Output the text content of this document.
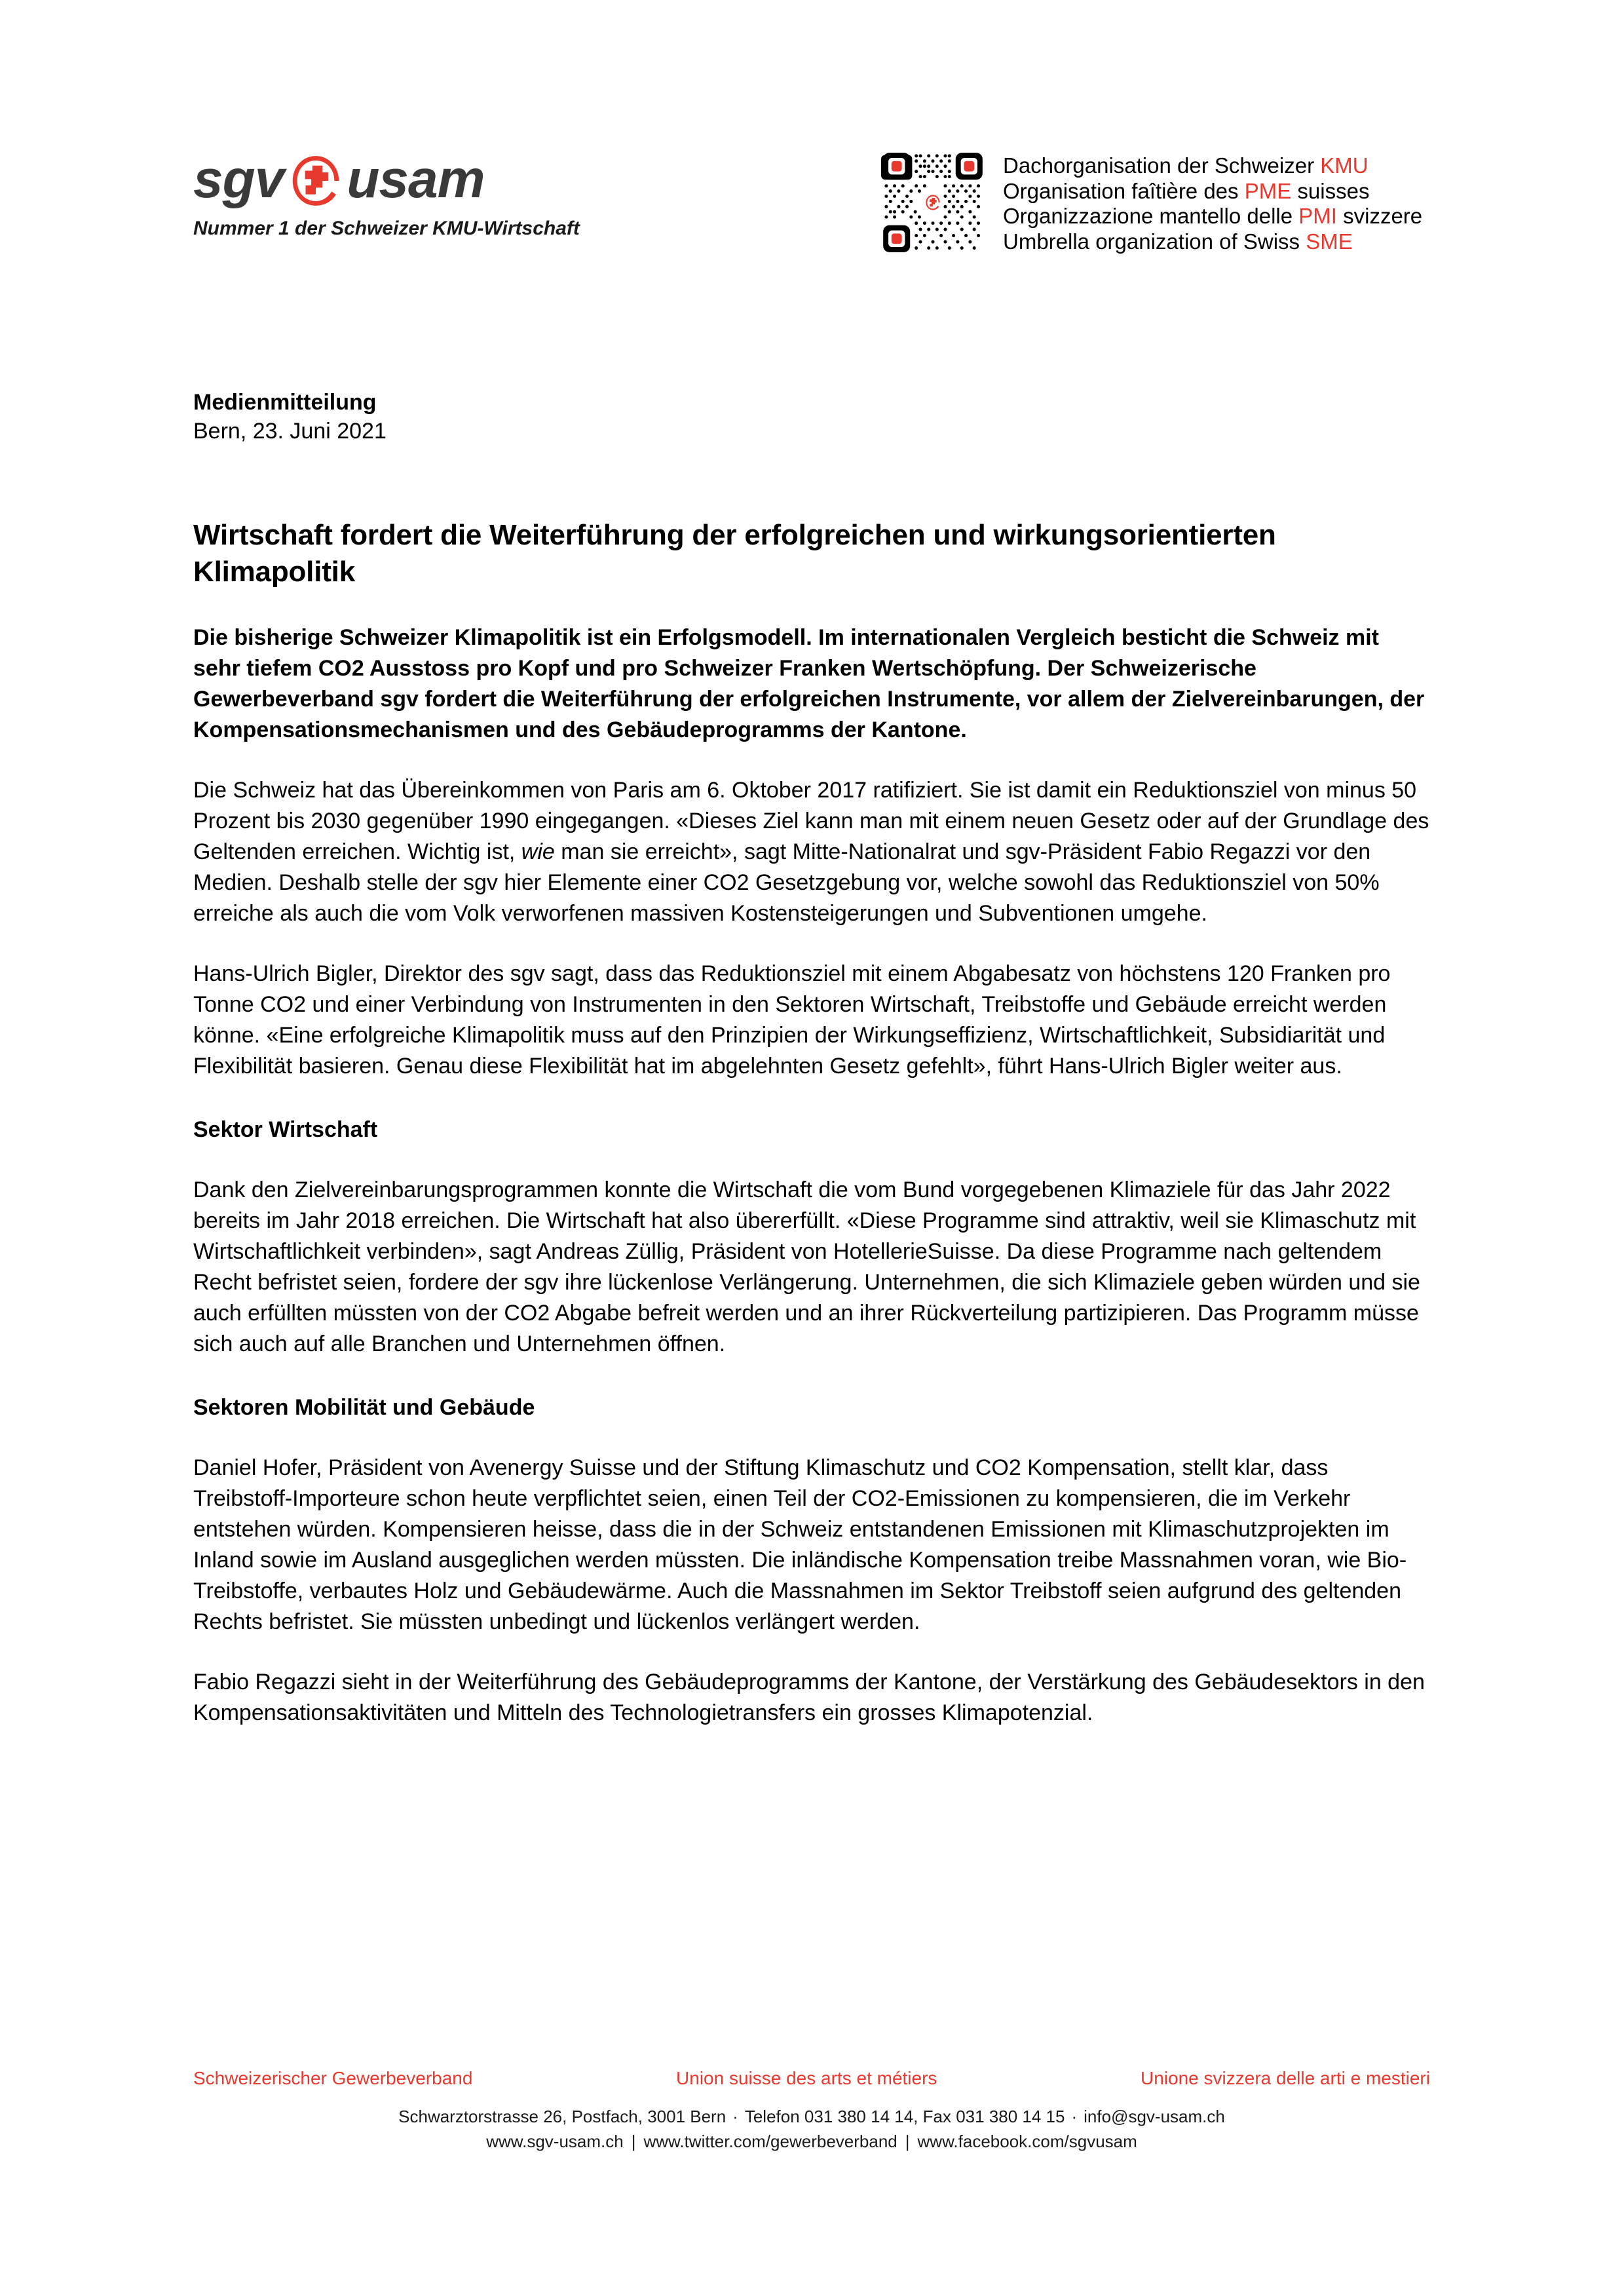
sgv usam
Nummer 1 der Schweizer KMU-Wirtschaft
Dachorganisation der Schweizer KMU
Organisation faîtière des PME suisses
Organizzazione mantello delle PMI svizzere
Umbrella organization of Swiss SME
Medienmitteilung
Bern, 23. Juni 2021
Wirtschaft fordert die Weiterführung der erfolgreichen und wirkungsorientierten Klimapolitik

Die bisherige Schweizer Klimapolitik ist ein Erfolgsmodell. Im internationalen Vergleich besticht die Schweiz mit sehr tiefem CO2 Ausstoss pro Kopf und pro Schweizer Franken Wertschöpfung. Der Schweizerische Gewerbeverband sgv fordert die Weiterführung der erfolgreichen Instrumente, vor allem der Zielvereinbarungen, der Kompensationsmechanismen und des Gebäudeprogramms der Kantone.

Die Schweiz hat das Übereinkommen von Paris am 6. Oktober 2017 ratifiziert. Sie ist damit ein Reduktionsziel von minus 50 Prozent bis 2030 gegenüber 1990 eingegangen. «Dieses Ziel kann man mit einem neuen Gesetz oder auf der Grundlage des Geltenden erreichen. Wichtig ist, wie man sie erreicht», sagt Mitte-Nationalrat und sgv-Präsident Fabio Regazzi vor den Medien. Deshalb stelle der sgv hier Elemente einer CO2 Gesetzgebung vor, welche sowohl das Reduktionsziel von 50% erreiche als auch die vom Volk verworfenen massiven Kostensteigerungen und Subventionen umgehe.

Hans-Ulrich Bigler, Direktor des sgv sagt, dass das Reduktionsziel mit einem Abgabesatz von höchstens 120 Franken pro Tonne CO2 und einer Verbindung von Instrumenten in den Sektoren Wirtschaft, Treibstoffe und Gebäude erreicht werden könne. «Eine erfolgreiche Klimapolitik muss auf den Prinzipien der Wirkungseffizienz, Wirtschaftlichkeit, Subsidiarität und Flexibilität basieren. Genau diese Flexibilität hat im abgelehnten Gesetz gefehlt», führt Hans-Ulrich Bigler weiter aus.

Sektor Wirtschaft

Dank den Zielvereinbarungsprogrammen konnte die Wirtschaft die vom Bund vorgegebenen Klimaziele für das Jahr 2022 bereits im Jahr 2018 erreichen. Die Wirtschaft hat also übererfüllt. «Diese Programme sind attraktiv, weil sie Klimaschutz mit Wirtschaftlichkeit verbinden», sagt Andreas Züllig, Präsident von HotellerieSuisse. Da diese Programme nach geltendem Recht befristet seien, fordere der sgv ihre lückenlose Verlängerung. Unternehmen, die sich Klimaziele geben würden und sie auch erfüllten müssten von der CO2 Abgabe befreit werden und an ihrer Rückverteilung partizipieren. Das Programm müsse sich auch auf alle Branchen und Unternehmen öffnen.

Sektoren Mobilität und Gebäude

Daniel Hofer, Präsident von Avenergy Suisse und der Stiftung Klimaschutz und CO2 Kompensation, stellt klar, dass Treibstoff-Importeure schon heute verpflichtet seien, einen Teil der CO2-Emissionen zu kompensieren, die im Verkehr entstehen würden. Kompensieren heisse, dass die in der Schweiz entstandenen Emissionen mit Klimaschutzprojekten im Inland sowie im Ausland ausgeglichen werden müssten. Die inländische Kompensation treibe Massnahmen voran, wie Bio-Treibstoffe, verbautes Holz und Gebäudewärme. Auch die Massnahmen im Sektor Treibstoff seien aufgrund des geltenden Rechts befristet. Sie müssten unbedingt und lückenlos verlängert werden.

Fabio Regazzi sieht in der Weiterführung des Gebäudeprogramms der Kantone, der Verstärkung des Gebäudesektors in den Kompensationsaktivitäten und Mitteln des Technologietransfers ein grosses Klimapotenzial.

Schweizerischer Gewerbeverband	Union suisse des arts et métiers	Unione svizzera delle arti e mestieri
Schwarztorstrasse 26, Postfach, 3001 Bern · Telefon 031 380 14 14, Fax 031 380 14 15 · info@sgv-usam.ch
www.sgv-usam.ch | www.twitter.com/gewerbeverband | www.facebook.com/sgvusam
